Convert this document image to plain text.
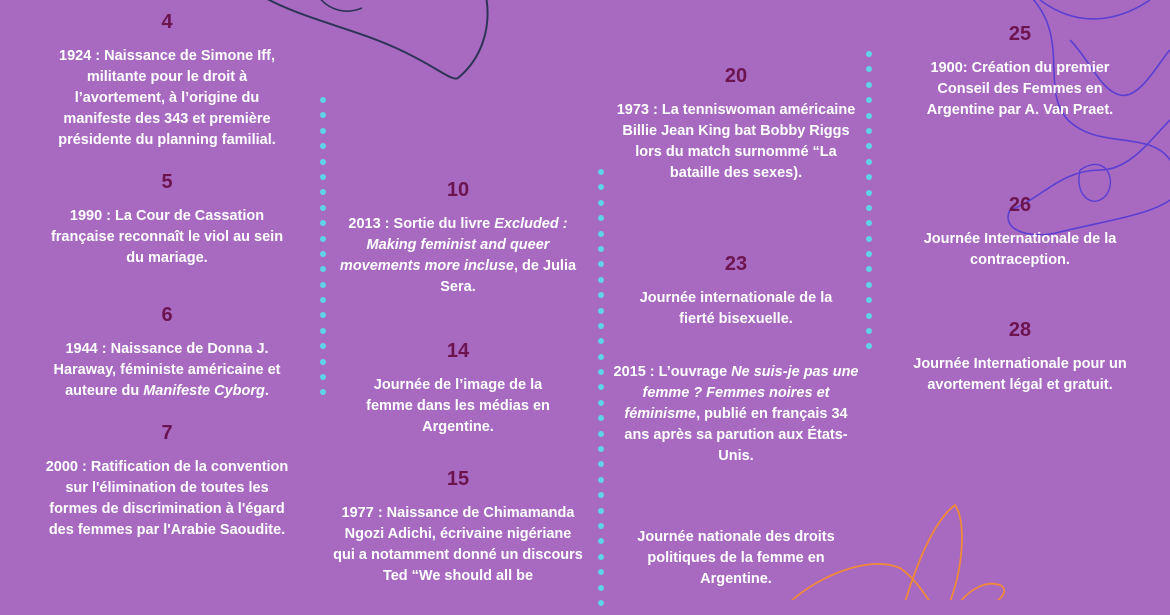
4
1924 : Naissance de Simone Iff, militante pour le droit à l’avortement, à l’origine du manifeste des 343 et première présidente du planning familial.
5
1990 : La Cour de Cassation française reconnaît le viol au sein du mariage.
6
1944 : Naissance de Donna J. Haraway, féministe américaine et auteure du Manifeste Cyborg.
7
2000 : Ratification de la convention sur l'élimination de toutes les formes de discrimination à l'égard des femmes par l'Arabie Saoudite.
10
2013 : Sortie du livre Excluded : Making feminist and queer movements more incluse, de Julia Sera.
14
Journée de l’image de la femme dans les médias en Argentine.
15
1977 : Naissance de Chimamanda Ngozi Adichi, écrivaine nigériane qui a notamment donné un discours Ted “We should all be
20
1973 : La tenniswoman américaine Billie Jean King bat Bobby Riggs lors du match surnommé “La bataille des sexes).
23
Journée internationale de la fierté bisexuelle.
2015 : L’ouvrage Ne suis-je pas une femme ? Femmes noires et féminisme, publié en français 34 ans après sa parution aux États-Unis.
Journée nationale des droits politiques de la femme en Argentine.
25
1900: Création du premier Conseil des Femmes en Argentine par A. Van Praet.
26
Journée Internationale de la contraception.
28
Journée Internationale pour un avortement légal et gratuit.
